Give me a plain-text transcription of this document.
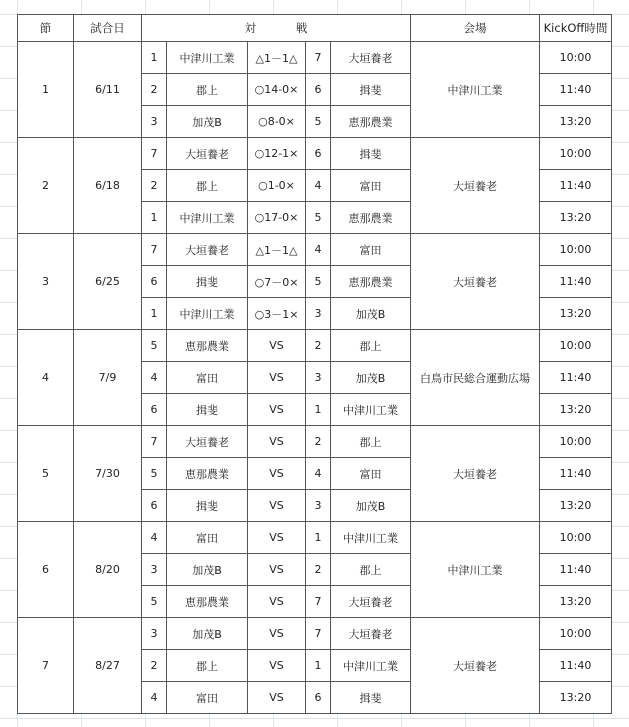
節	試合日	対 戦					会場	KickOff時間
1	6/11	1	中津川工業	△1－1△	7	大垣養老	中津川工業	10:00
		2	郡上	○14-0×	6	揖斐		11:40
		3	加茂B	○8-0×	5	恵那農業		13:20
2	6/18	7	大垣養老	○12-1×	6	揖斐	大垣養老	10:00
		2	郡上	○1-0×	4	富田		11:40
		1	中津川工業	○17-0×	5	恵那農業		13:20
3	6/25	7	大垣養老	△1－1△	4	富田	大垣養老	10:00
		6	揖斐	○7－0×	5	恵那農業		11:40
		1	中津川工業	○3－1×	3	加茂B		13:20
4	7/9	5	恵那農業	VS	2	郡上	白鳥市民総合運動広場	10:00
		4	富田	VS	3	加茂B		11:40
		6	揖斐	VS	1	中津川工業		13:20
5	7/30	7	大垣養老	VS	2	郡上	大垣養老	10:00
		5	恵那農業	VS	4	富田		11:40
		6	揖斐	VS	3	加茂B		13:20
6	8/20	4	富田	VS	1	中津川工業	中津川工業	10:00
		3	加茂B	VS	2	郡上		11:40
		5	恵那農業	VS	7	大垣養老		13:20
7	8/27	3	加茂B	VS	7	大垣養老	大垣養老	10:00
		2	郡上	VS	1	中津川工業		11:40
		4	富田	VS	6	揖斐		13:20
